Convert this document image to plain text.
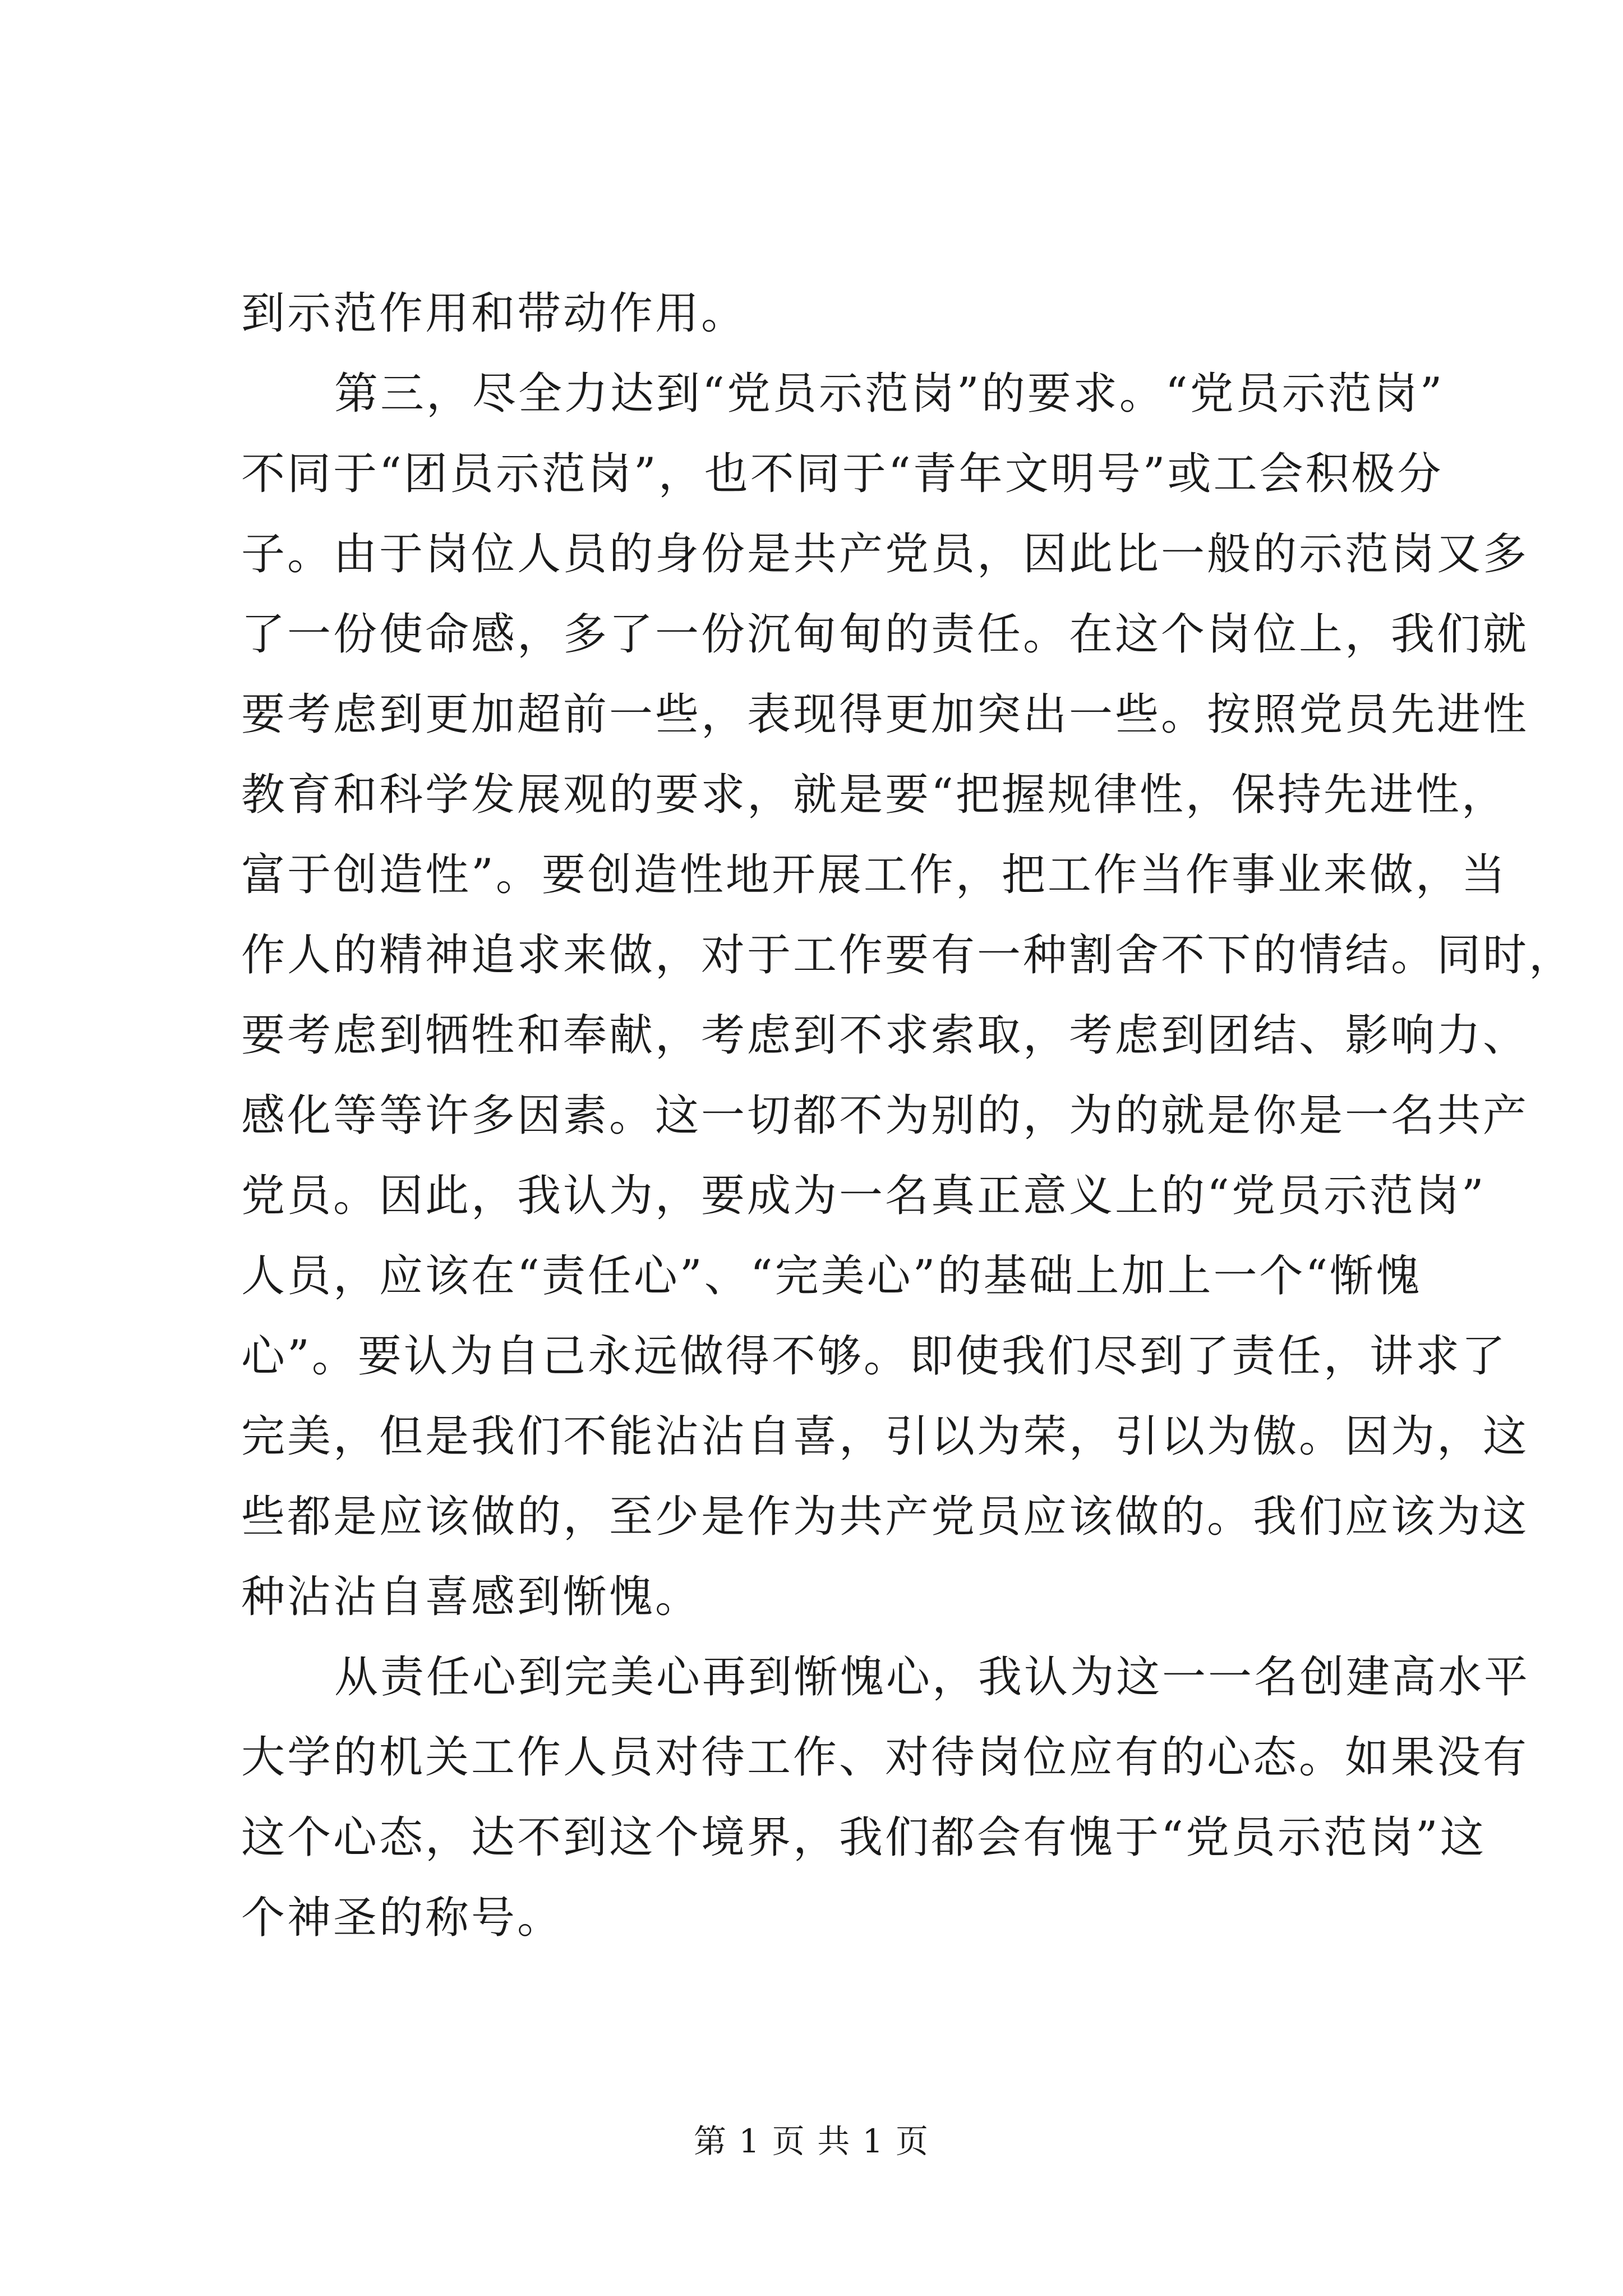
到示范作用和带动作用。
第三，尽全力达到“党员示范岗”的要求。“党员示范岗”
不同于“团员示范岗”，也不同于“青年文明号”或工会积极分
子。由于岗位人员的身份是共产党员，因此比一般的示范岗又多
了一份使命感，多了一份沉甸甸的责任。在这个岗位上，我们就
要考虑到更加超前一些，表现得更加突出一些。按照党员先进性
教育和科学发展观的要求，就是要“把握规律性，保持先进性，
富于创造性”。要创造性地开展工作，把工作当作事业来做，当
作人的精神追求来做，对于工作要有一种割舍不下的情结。同时，
要考虑到牺牲和奉献，考虑到不求索取，考虑到团结、影响力、
感化等等许多因素。这一切都不为别的，为的就是你是一名共产
党员。因此，我认为，要成为一名真正意义上的“党员示范岗”
人员，应该在“责任心”、“完美心”的基础上加上一个“惭愧
心”。要认为自己永远做得不够。即使我们尽到了责任，讲求了
完美，但是我们不能沾沾自喜，引以为荣，引以为傲。因为，这
些都是应该做的，至少是作为共产党员应该做的。我们应该为这
种沾沾自喜感到惭愧。
从责任心到完美心再到惭愧心，我认为这一一名创建高水平
大学的机关工作人员对待工作、对待岗位应有的心态。如果没有
这个心态，达不到这个境界，我们都会有愧于“党员示范岗”这
个神圣的称号。
第 1 页 共 1 页
